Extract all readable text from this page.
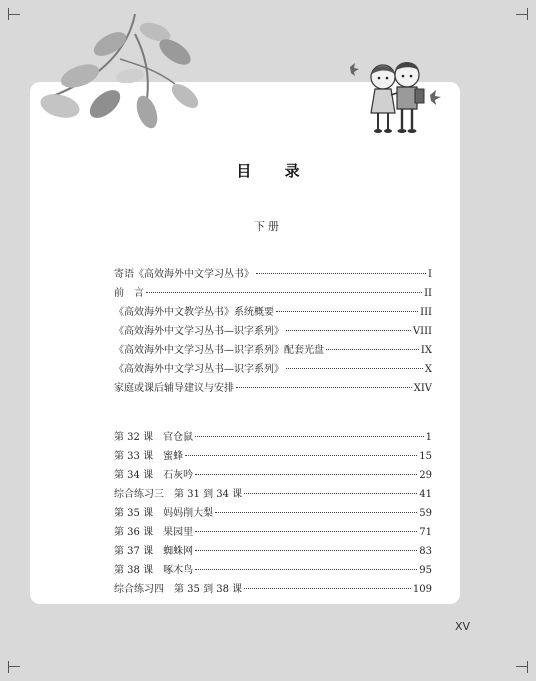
目 录
下册
寄语《高效海外中文学习丛书》	I
前　言	II
《高效海外中文教学丛书》系统概要	III
《高效海外中文学习丛书—识字系列》	VIII
《高效海外中文学习丛书—识字系列》配套光盘	IX
《高效海外中文学习丛书—识字系列》	X
家庭或课后辅导建议与安排	XIV
第 32 课　官仓鼠	1
第 33 课　蜜蜂	15
第 34 课　石灰吟	29
综合练习三　第 31 到 34 课	41
第 35 课　妈妈削大梨	59
第 36 课　果园里	71
第 37 课　蜘蛛网	83
第 38 课　啄木鸟	95
综合练习四　第 35 到 38 课	109
XV
